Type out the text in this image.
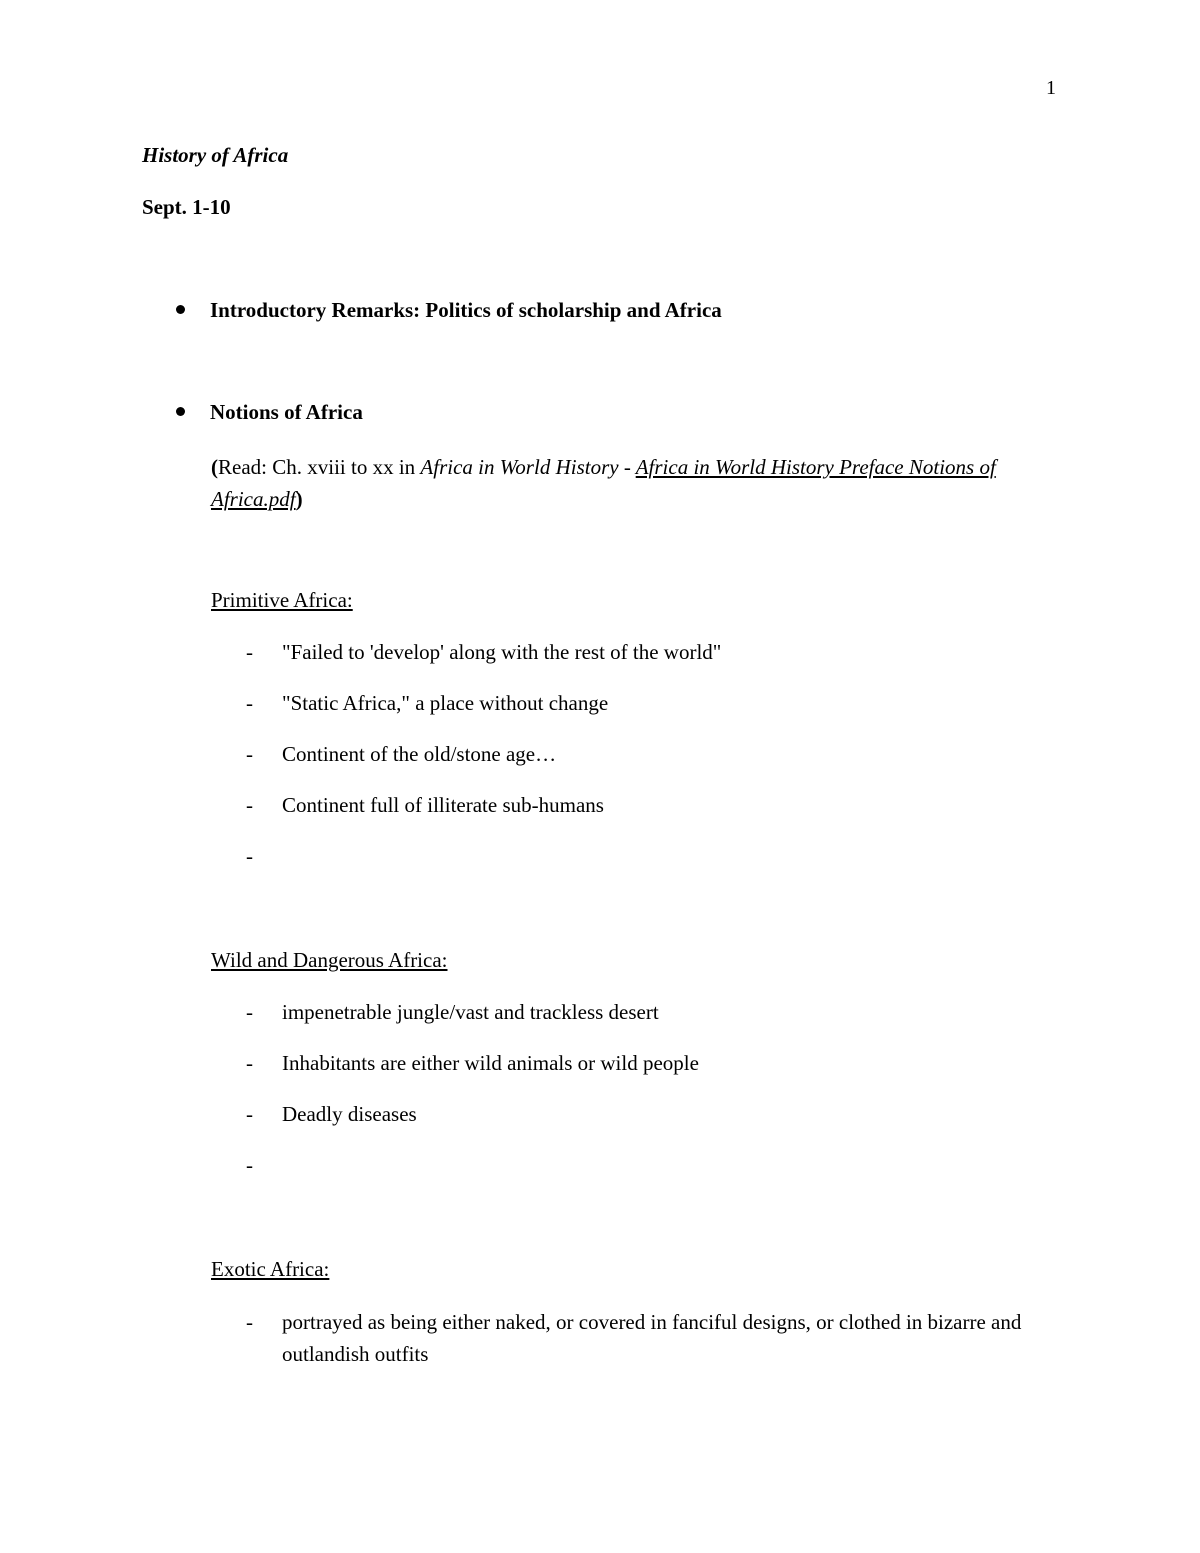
1
History of Africa
Sept. 1-10
Introductory Remarks: Politics of scholarship and Africa
Notions of Africa
(Read: Ch. xviii to xx in Africa in World History - Africa in World History Preface Notions of Africa.pdf)
Primitive Africa:
- "Failed to 'develop' along with the rest of the world"
- "Static Africa," a place without change
- Continent of the old/stone age…
- Continent full of illiterate sub-humans
-
Wild and Dangerous Africa:
- impenetrable jungle/vast and trackless desert
- Inhabitants are either wild animals or wild people
- Deadly diseases
-
Exotic Africa:
- portrayed as being either naked, or covered in fanciful designs, or clothed in bizarre and outlandish outfits
